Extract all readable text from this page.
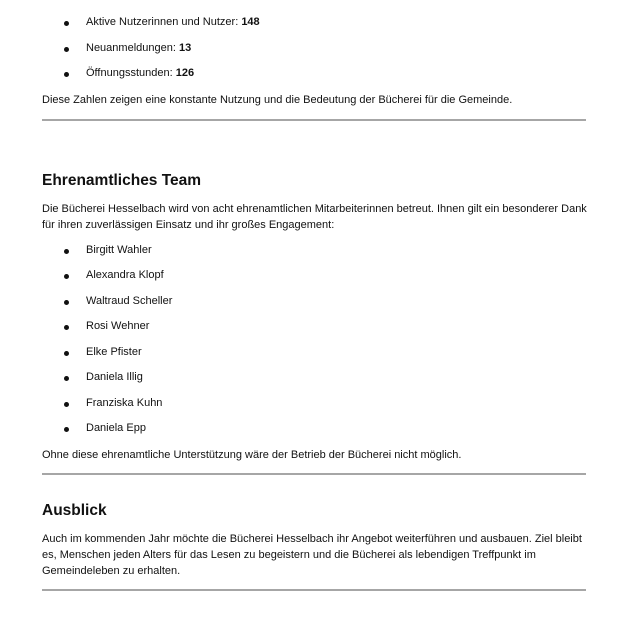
Aktive Nutzerinnen und Nutzer: 148
Neuanmeldungen: 13
Öffnungsstunden: 126

Diese Zahlen zeigen eine konstante Nutzung und die Bedeutung der Bücherei für die Gemeinde.

Ehrenamtliches Team

Die Bücherei Hesselbach wird von acht ehrenamtlichen Mitarbeiterinnen betreut. Ihnen gilt ein besonderer Dank für ihren zuverlässigen Einsatz und ihr großes Engagement:

Birgitt Wahler
Alexandra Klopf
Waltraud Scheller
Rosi Wehner
Elke Pfister
Daniela Illig
Franziska Kuhn
Daniela Epp

Ohne diese ehrenamtliche Unterstützung wäre der Betrieb der Bücherei nicht möglich.

Ausblick

Auch im kommenden Jahr möchte die Bücherei Hesselbach ihr Angebot weiterführen und ausbauen. Ziel bleibt es, Menschen jeden Alters für das Lesen zu begeistern und die Bücherei als lebendigen Treffpunkt im Gemeindeleben zu erhalten.
